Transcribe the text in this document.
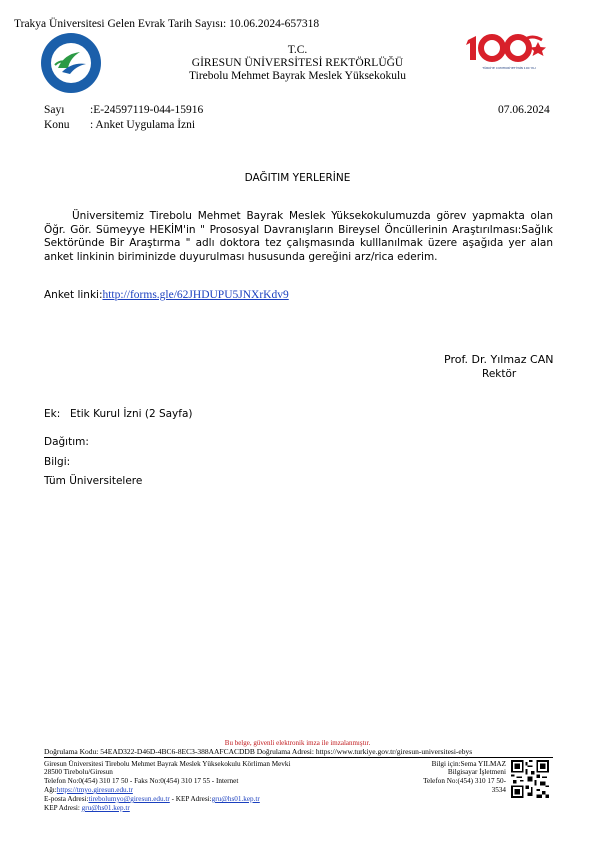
Trakya Üniversitesi Gelen Evrak Tarih Sayısı: 10.06.2024-657318
TÜRKİYE CUMHURİYETİ'NİN 100 YILI
T.C.
GİRESUN ÜNİVERSİTESİ REKTÖRLÜĞÜ
Tirebolu Mehmet Bayrak Meslek Yüksekokulu
Sayı :E-24597119-044-15916
Konu : Anket Uygulama İzni
07.06.2024
DAĞITIM YERLERİNE
Üniversitemiz Tirebolu Mehmet Bayrak Meslek Yüksekokulumuzda görev yapmakta olan Öğr. Gör. Sümeyye HEKİM'in " Prososyal Davranışların Bireysel Öncüllerinin Araştırılması:Sağlık Sektöründe Bir Araştırma " adlı doktora tez çalışmasında kulllanılmak üzere aşağıda yer alan anket linkinin biriminizde duyurulması hususunda gereğini arz/rica ederim.
Anket linki:http://forms.gle/62JHDUPU5JNXrKdv9
Prof. Dr. Yılmaz CAN
Rektör
Ek: Etik Kurul İzni (2 Sayfa)
Dağıtım:
Bilgi:
Tüm Üniversitelere
Bu belge, güvenli elektronik imza ile imzalanmıştır.
Doğrulama Kodu: 54EAD322-D46D-4BC6-8EC3-388AAFCACDDB Doğrulama Adresi: https://www.turkiye.gov.tr/giresun-universitesi-ebys
Giresun Üniversitesi Tirebolu Mehmet Bayrak Meslek Yüksekokulu Körliman Mevki
28500 Tirebolu/Giresun
Telefon No:0(454) 310 17 50 - Faks No:0(454) 310 17 55 - Internet
Ağı:https://tmyo.giresun.edu.tr
E-posta Adresi:tirebolumyo@giresun.edu.tr - KEP Adresi:gru@hs01.kep.tr
KEP Adresi: gru@hs01.kep.tr
Bilgi için:Sema YILMAZ
Bilgisayar İşletmeni
Telefon No:(454) 310 17 50-
3534
